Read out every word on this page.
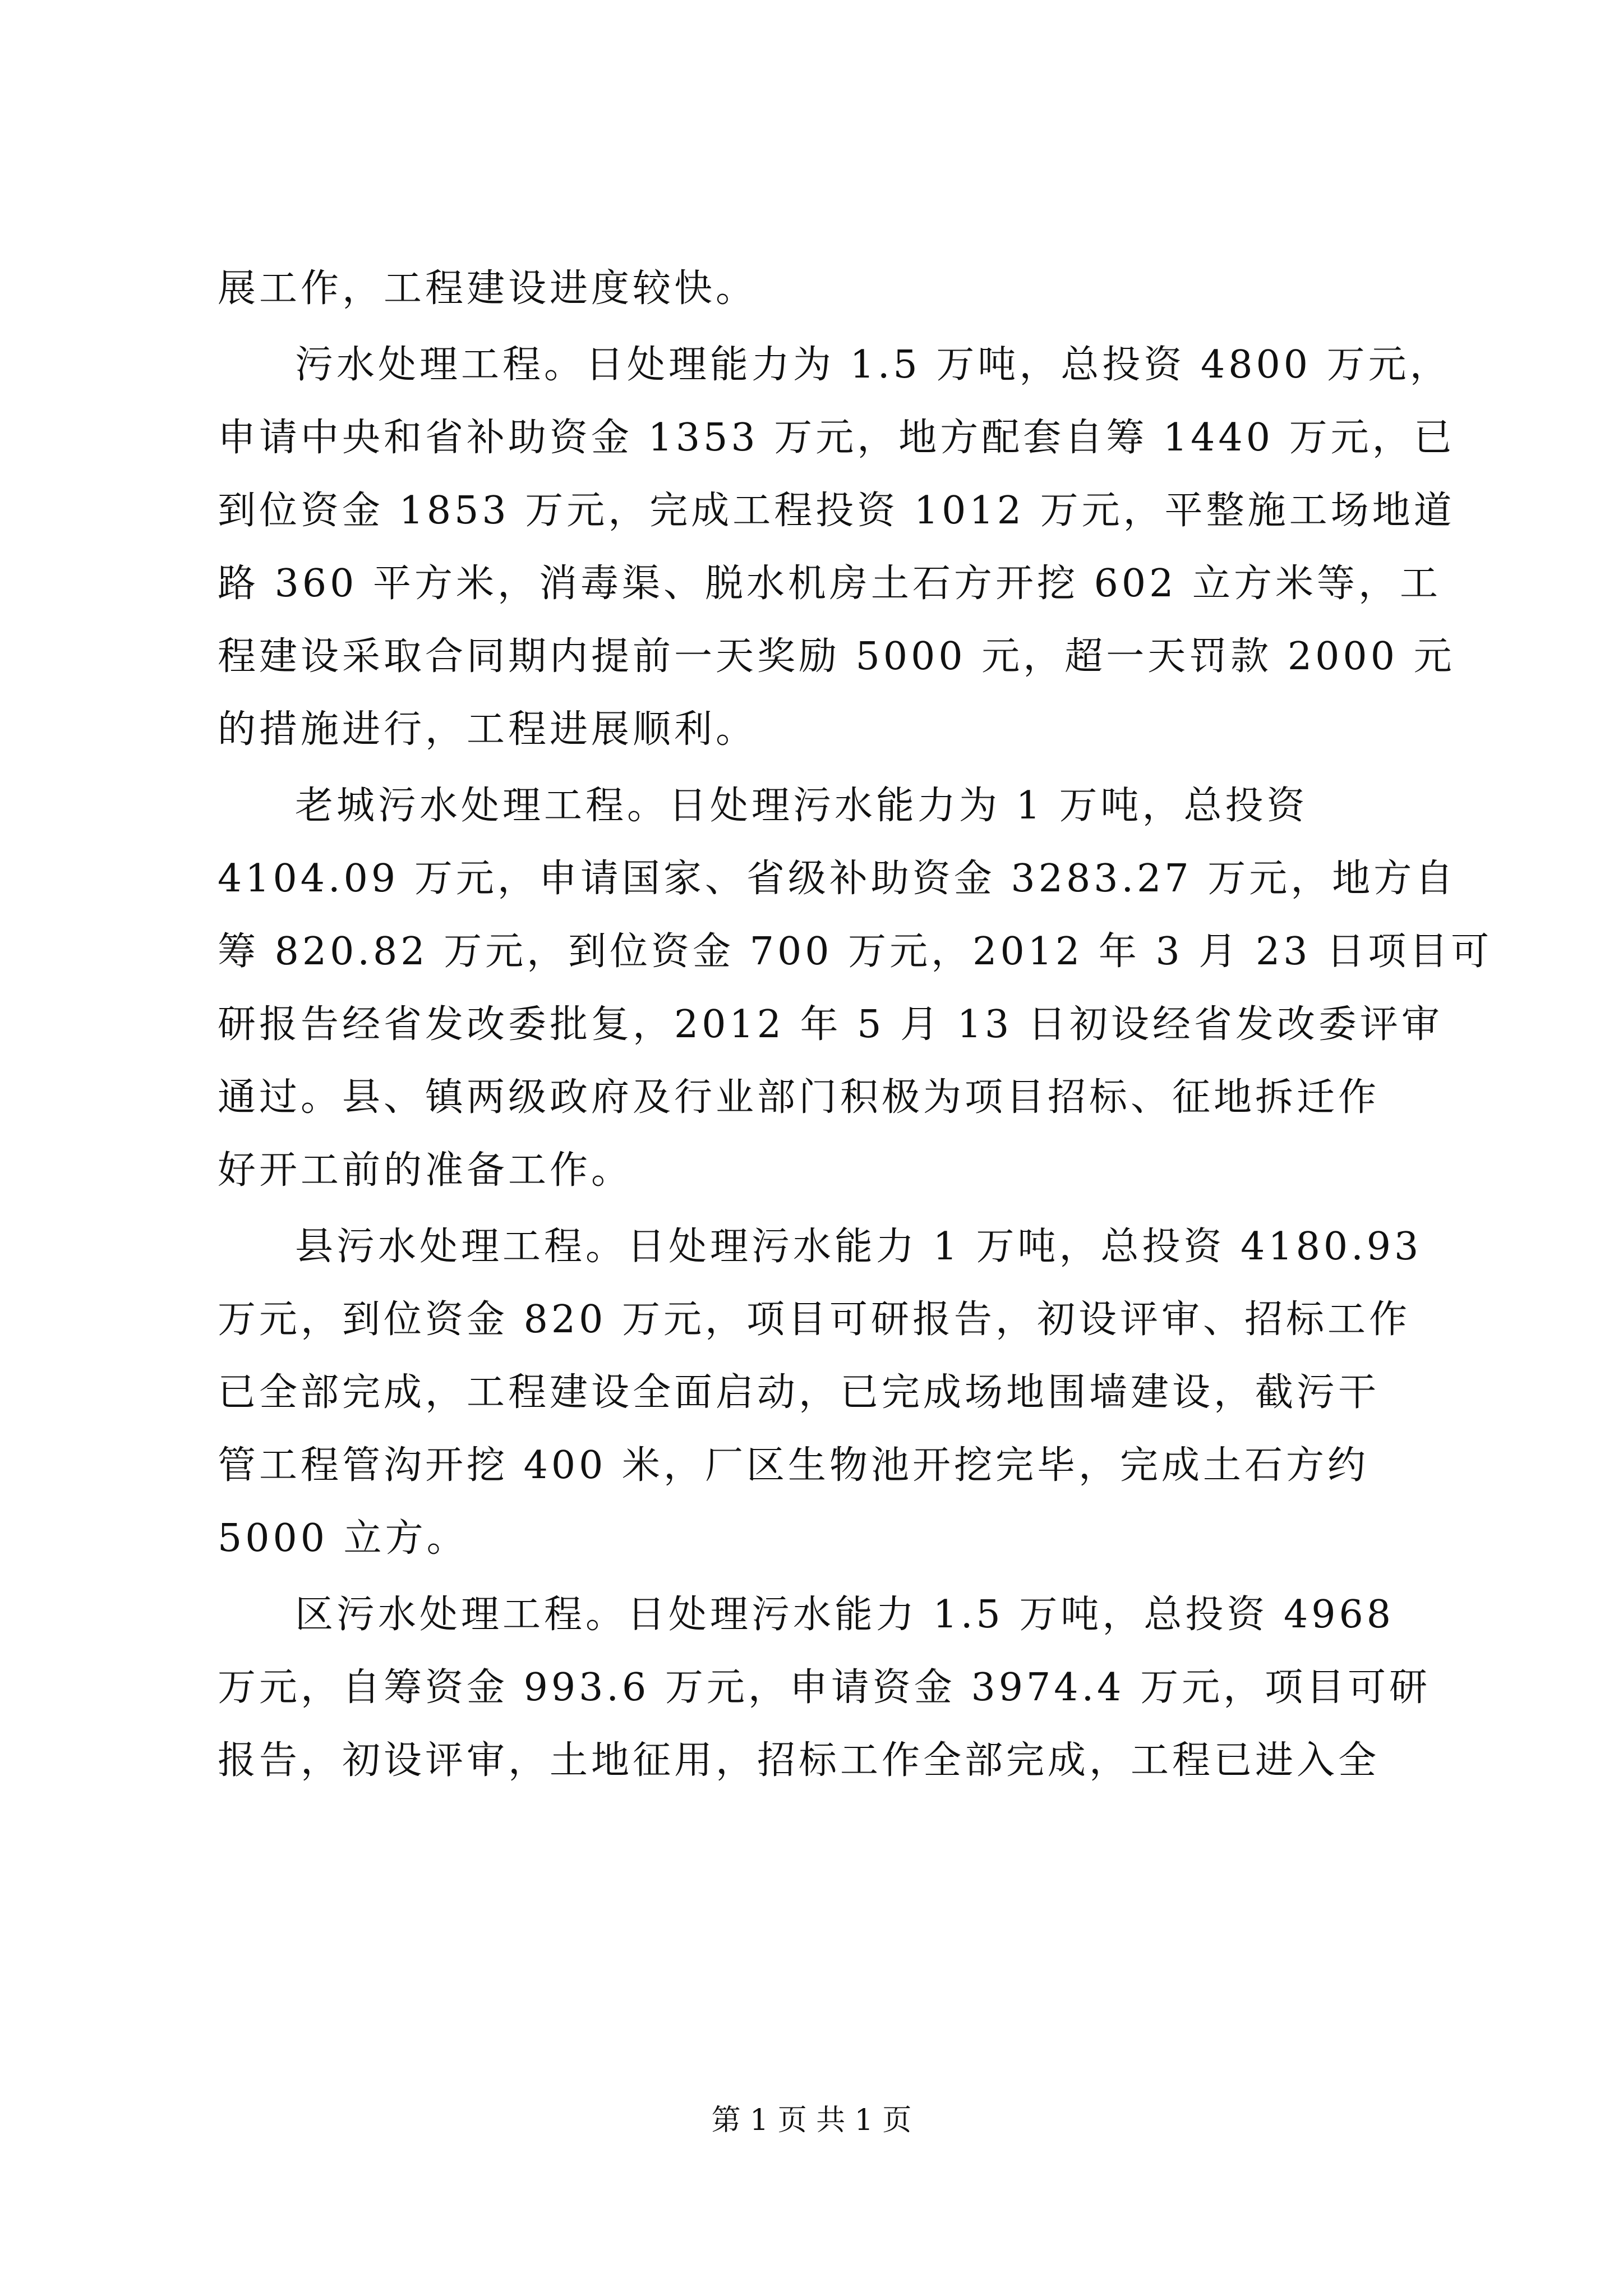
展工作，工程建设进度较快。
污水处理工程。日处理能力为 1.5 万吨，总投资 4800 万元，
申请中央和省补助资金 1353 万元，地方配套自筹 1440 万元，已
到位资金 1853 万元，完成工程投资 1012 万元，平整施工场地道
路 360 平方米，消毒渠、脱水机房土石方开挖 602 立方米等，工
程建设采取合同期内提前一天奖励 5000 元，超一天罚款 2000 元
的措施进行，工程进展顺利。
老城污水处理工程。日处理污水能力为 1 万吨，总投资
4104.09 万元，申请国家、省级补助资金 3283.27 万元，地方自
筹 820.82 万元，到位资金 700 万元，2012 年 3 月 23 日项目可
研报告经省发改委批复，2012 年 5 月 13 日初设经省发改委评审
通过。县、镇两级政府及行业部门积极为项目招标、征地拆迁作
好开工前的准备工作。
县污水处理工程。日处理污水能力 1 万吨，总投资 4180.93
万元，到位资金 820 万元，项目可研报告，初设评审、招标工作
已全部完成，工程建设全面启动，已完成场地围墙建设，截污干
管工程管沟开挖 400 米，厂区生物池开挖完毕，完成土石方约
5000 立方。
区污水处理工程。日处理污水能力 1.5 万吨，总投资 4968
万元，自筹资金 993.6 万元，申请资金 3974.4 万元，项目可研
报告，初设评审，土地征用，招标工作全部完成，工程已进入全
第 1 页 共 1 页
